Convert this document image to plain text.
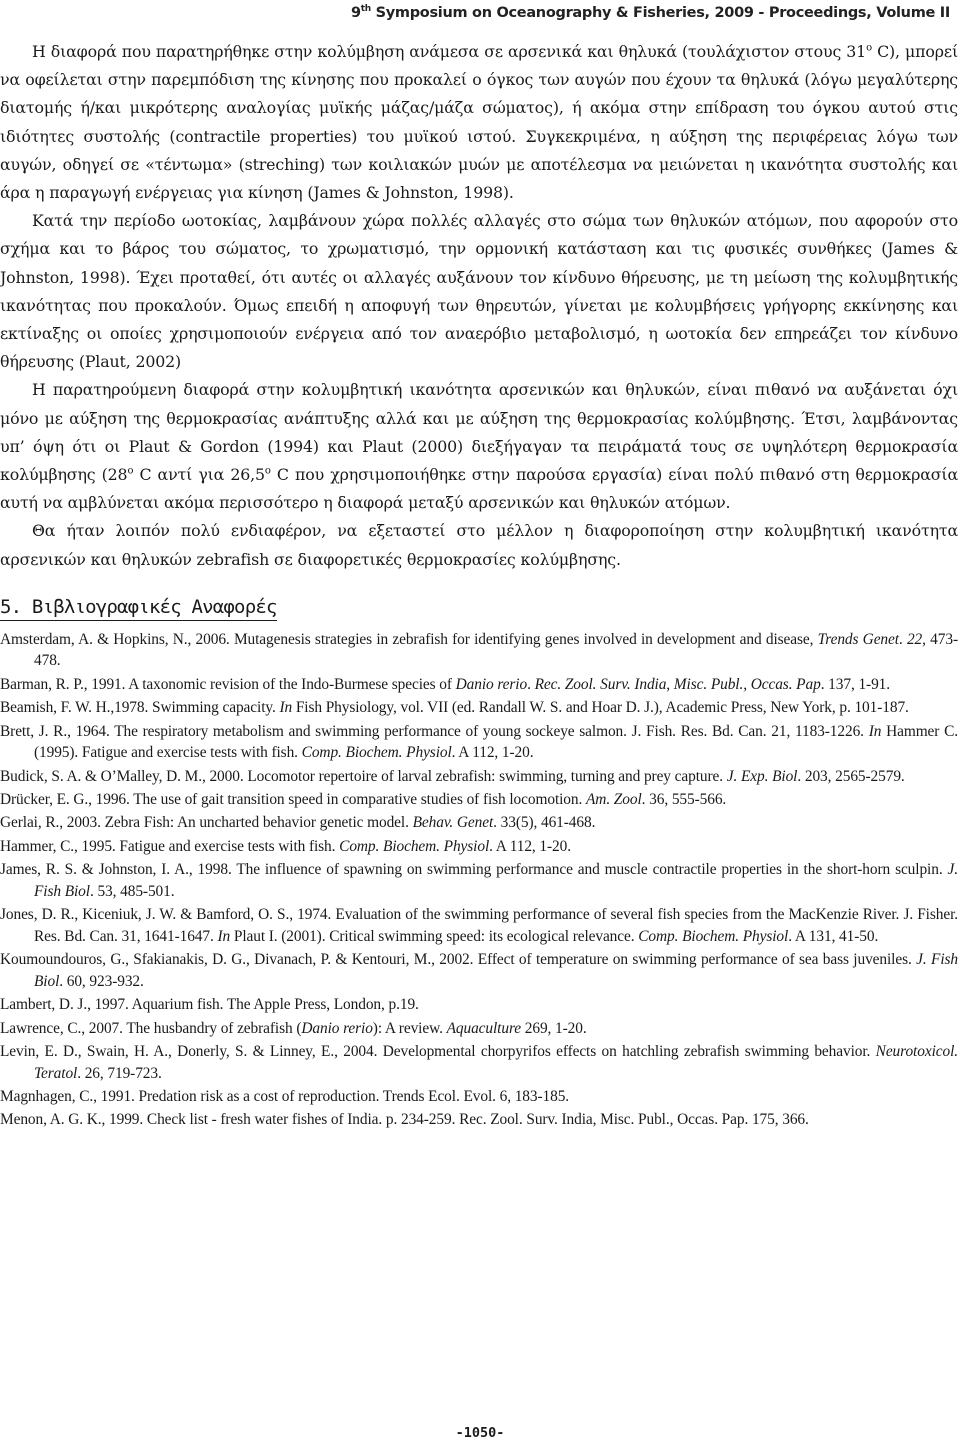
9th Symposium on Oceanography & Fisheries, 2009 - Proceedings, Volume II

Η διαφορά που παρατηρήθηκε στην κολύμβηση ανάμεσα σε αρσενικά και θηλυκά (τουλάχιστον στους $31^o$ C), μπορεί να οφείλεται στην παρεμπόδιση της κίνησης που προκαλεί ο όγκος των αυγών που έχουν τα θηλυκά (λόγω μεγαλύτερης διατομής ή/και μικρότερης αναλογίας μυϊκής μάζας/μάζα σώματος), ή ακόμα στην επίδραση του όγκου αυτού στις ιδιότητες συστολής (contractile properties) του μυϊκού ιστού. Συγκεκριμένα, η αύξηση της περιφέρειας λόγω των αυγών, οδηγεί σε «τέντωμα» (streching) των κοιλιακών μυών με αποτέλεσμα να μειώνεται η ικανότητα συστολής και άρα η παραγωγή ενέργειας για κίνηση (James & Johnston, 1998).

Κατά την περίοδο ωοτοκίας, λαμβάνουν χώρα πολλές αλλαγές στο σώμα των θηλυκών ατόμων, που αφορούν στο σχήμα και το βάρος του σώματος, το χρωματισμό, την ορμονική κατάσταση και τις φυσικές συνθήκες (James & Johnston, 1998). Έχει προταθεί, ότι αυτές οι αλλαγές αυξάνουν τον κίνδυνο θήρευσης, με τη μείωση της κολυμβητικής ικανότητας που προκαλούν. Όμως επειδή η αποφυγή των θηρευτών, γίνεται με κολυμβήσεις γρήγορης εκκίνησης και εκτίναξης οι οποίες χρησιμοποιούν ενέργεια από τον αναερόβιο μεταβολισμό, η ωοτοκία δεν επηρεάζει τον κίνδυνο θήρευσης (Plaut, 2002)

Η παρατηρούμενη διαφορά στην κολυμβητική ικανότητα αρσενικών και θηλυκών, είναι πιθανό να αυξάνεται όχι μόνο με αύξηση της θερμοκρασίας ανάπτυξης αλλά και με αύξηση της θερμοκρασίας κολύμβησης. Έτσι, λαμβάνοντας υπ’ όψη ότι οι Plaut & Gordon (1994) και Plaut (2000) διεξήγαγαν τα πειράματά τους σε υψηλότερη θερμοκρασία κολύμβησης ($28^o$ C αντί για $26,5^o$ C που χρησιμοποιήθηκε στην παρούσα εργασία) είναι πολύ πιθανό στη θερμοκρασία αυτή να αμβλύνεται ακόμα περισσότερο η διαφορά μεταξύ αρσενικών και θηλυκών ατόμων.

Θα ήταν λοιπόν πολύ ενδιαφέρον, να εξεταστεί στο μέλλον η διαφοροποίηση στην κολυμβητική ικανότητα αρσενικών και θηλυκών zebrafish σε διαφορετικές θερμοκρασίες κολύμβησης.

5. Βιβλιογραφικές Αναφορές
Amsterdam, A. & Hopkins, N., 2006. Mutagenesis strategies in zebrafish for identifying genes involved in development and disease, Trends Genet. 22, 473-478.
Barman, R. P., 1991. A taxonomic revision of the Indo-Burmese species of Danio rerio. Rec. Zool. Surv. India, Misc. Publ., Occas. Pap. 137, 1-91.
Beamish, F. W. H.,1978. Swimming capacity. In Fish Physiology, vol. VII (ed. Randall W. S. and Hoar D. J.), Academic Press, New York, p. 101-187.
Brett, J. R., 1964. The respiratory metabolism and swimming performance of young sockeye salmon. J. Fish. Res. Bd. Can. 21, 1183-1226. In Hammer C. (1995). Fatigue and exercise tests with fish. Comp. Biochem. Physiol. A 112, 1-20.
Budick, S. A. & O’Malley, D. M., 2000. Locomotor repertoire of larval zebrafish: swimming, turning and prey capture. J. Exp. Biol. 203, 2565-2579.
Drücker, E. G., 1996. The use of gait transition speed in comparative studies of fish locomotion. Am. Zool. 36, 555-566.
Gerlai, R., 2003. Zebra Fish: An uncharted behavior genetic model. Behav. Genet. 33(5), 461-468.
Hammer, C., 1995. Fatigue and exercise tests with fish. Comp. Biochem. Physiol. A 112, 1-20.
James, R. S. & Johnston, I. A., 1998. The influence of spawning on swimming performance and muscle contractile properties in the short-horn sculpin. J. Fish Biol. 53, 485-501.
Jones, D. R., Kiceniuk, J. W. & Bamford, O. S., 1974. Evaluation of the swimming performance of several fish species from the MacKenzie River. J. Fisher. Res. Bd. Can. 31, 1641-1647. In Plaut I. (2001). Critical swimming speed: its ecological relevance. Comp. Biochem. Physiol. A 131, 41-50.
Koumoundouros, G., Sfakianakis, D. G., Divanach, P. & Kentouri, M., 2002. Effect of temperature on swimming performance of sea bass juveniles. J. Fish Biol. 60, 923-932.
Lambert, D. J., 1997. Aquarium fish. The Apple Press, London, p.19.
Lawrence, C., 2007. The husbandry of zebrafish (Danio rerio): A review. Aquaculture 269, 1-20.
Levin, E. D., Swain, H. A., Donerly, S. & Linney, E., 2004. Developmental chorpyrifos effects on hatchling zebrafish swimming behavior. Neurotoxicol. Teratol. 26, 719-723.
Magnhagen, C., 1991. Predation risk as a cost of reproduction. Trends Ecol. Evol. 6, 183-185.
Menon, A. G. K., 1999. Check list - fresh water fishes of India. p. 234-259. Rec. Zool. Surv. India, Misc. Publ., Occas. Pap. 175, 366.
-1050-
